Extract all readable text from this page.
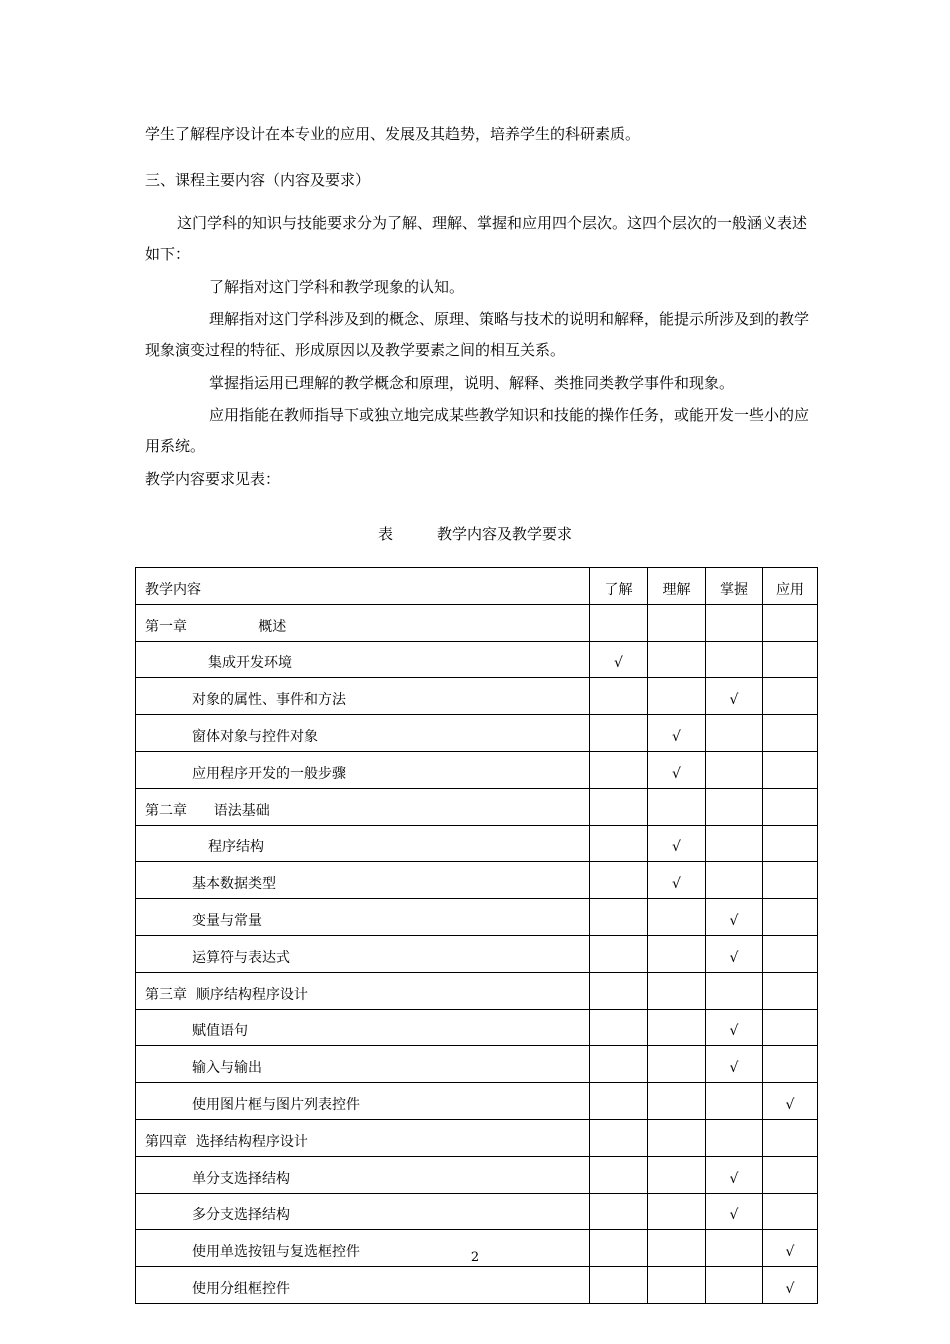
学生了解程序设计在本专业的应用、发展及其趋势，培养学生的科研素质。

三、课程主要内容（内容及要求）

这门学科的知识与技能要求分为了解、理解、掌握和应用四个层次。这四个层次的一般涵义表述如下：

了解指对这门学科和教学现象的认知。

理解指对这门学科涉及到的概念、原理、策略与技术的说明和解释，能提示所涉及到的教学现象演变过程的特征、形成原因以及教学要素之间的相互关系。

掌握指运用已理解的教学概念和原理，说明、解释、类推同类教学事件和现象。

应用指能在教师指导下或独立地完成某些教学知识和技能的操作任务，或能开发一些小的应用系统。

教学内容要求见表：

表	教学内容及教学要求
教学内容	了解	理解	掌握	应用
第一章                概述				
集成开发环境	√			
对象的属性、事件和方法			√	
窗体对象与控件对象		√		
应用程序开发的一般步骤		√		
第二章      语法基础				
程序结构		√		
基本数据类型		√		
变量与常量			√	
运算符与表达式			√	
第三章  顺序结构程序设计				
赋值语句			√	
输入与输出			√	
使用图片框与图片列表控件				√
第四章  选择结构程序设计				
单分支选择结构			√	
多分支选择结构			√	
使用单选按钮与复选框控件				√
使用分组框控件				√
2
